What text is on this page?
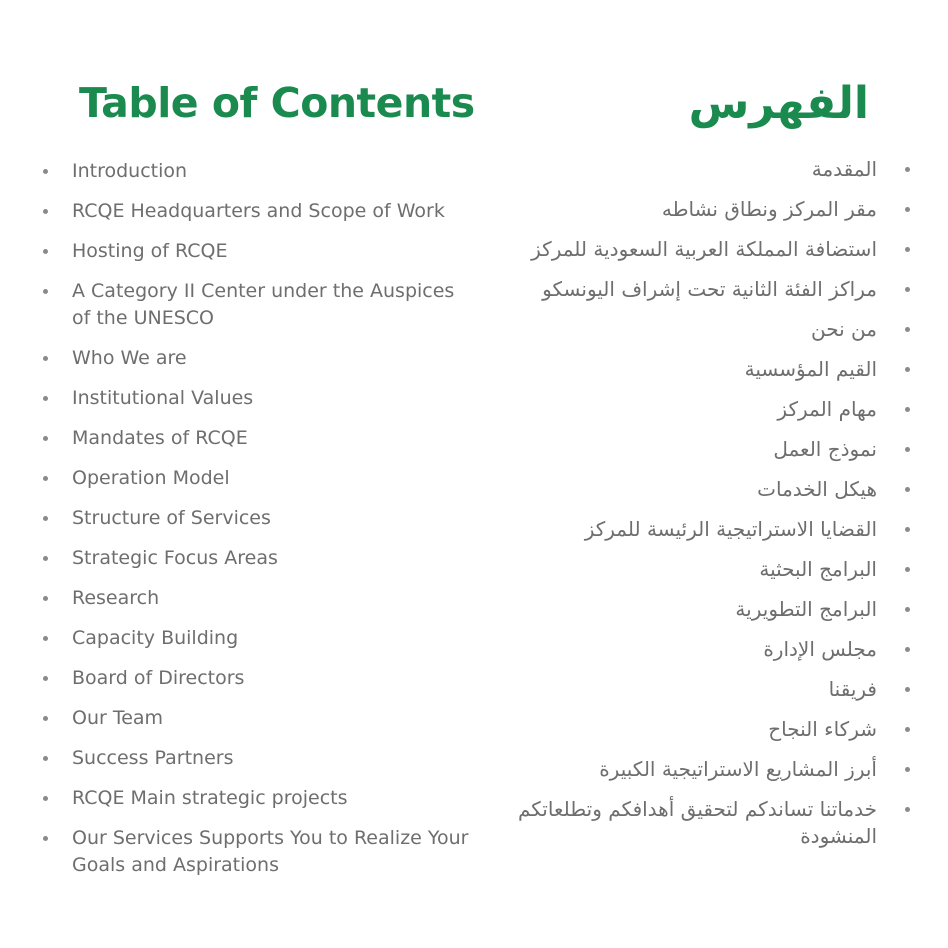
Table of Contents
Introduction
RCQE Headquarters and Scope of Work
Hosting of RCQE
A Category II Center under the Auspices of the UNESCO
Who We are
Institutional Values
Mandates of RCQE
Operation Model
Structure of Services
Strategic Focus Areas
Research
Capacity Building
Board of Directors
Our Team
Success Partners
RCQE Main strategic projects
Our Services Supports You to Realize Your Goals and Aspirations
الفهرس
المقدمة
مقر المركز ونطاق نشاطه
استضافة المملكة العربية السعودية للمركز
مراكز الفئة الثانية تحت إشراف اليونسكو
من نحن
القيم المؤسسية
مهام المركز
نموذج العمل
هيكل الخدمات
القضايا الاستراتيجية الرئيسة للمركز
البرامج البحثية
البرامج التطويرية
مجلس الإدارة
فريقنا
شركاء النجاح
أبرز المشاريع الاستراتيجية الكبيرة
خدماتنا تساندكم لتحقيق أهدافكم وتطلعاتكم المنشودة
